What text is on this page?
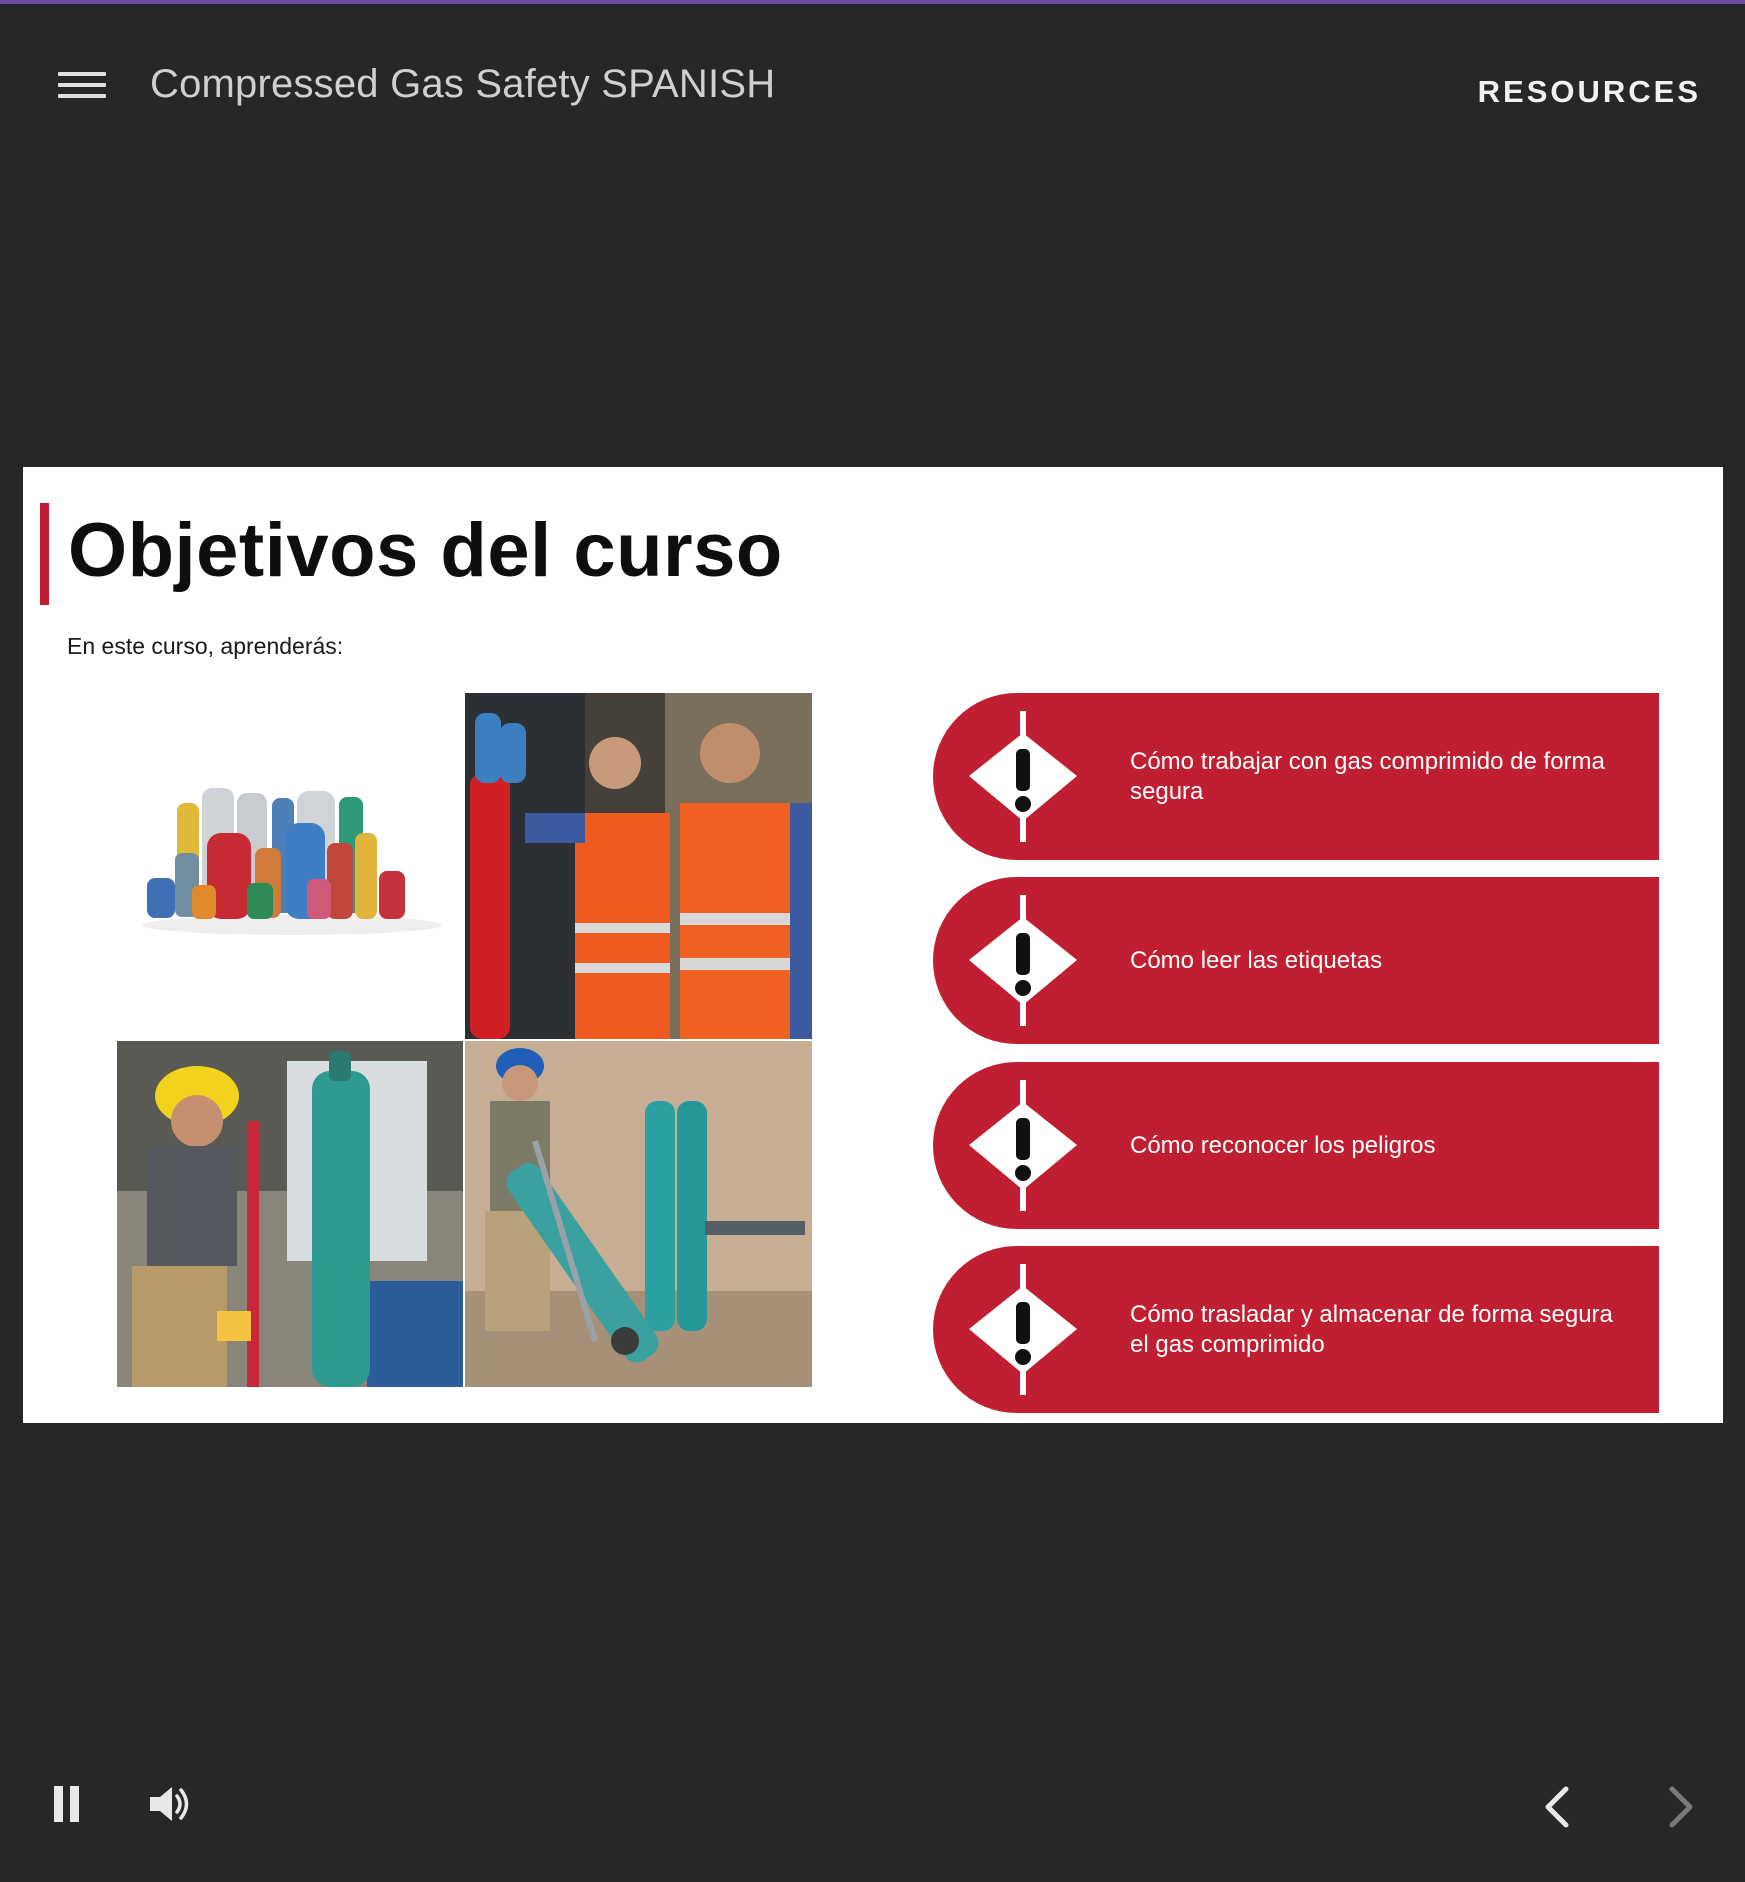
Compressed Gas Safety SPANISH	RESOURCES
Objetivos del curso
En este curso, aprenderás:
Cómo trabajar con gas comprimido de forma segura
Cómo leer las etiquetas
Cómo reconocer los peligros
Cómo trasladar y almacenar de forma segura el gas comprimido
